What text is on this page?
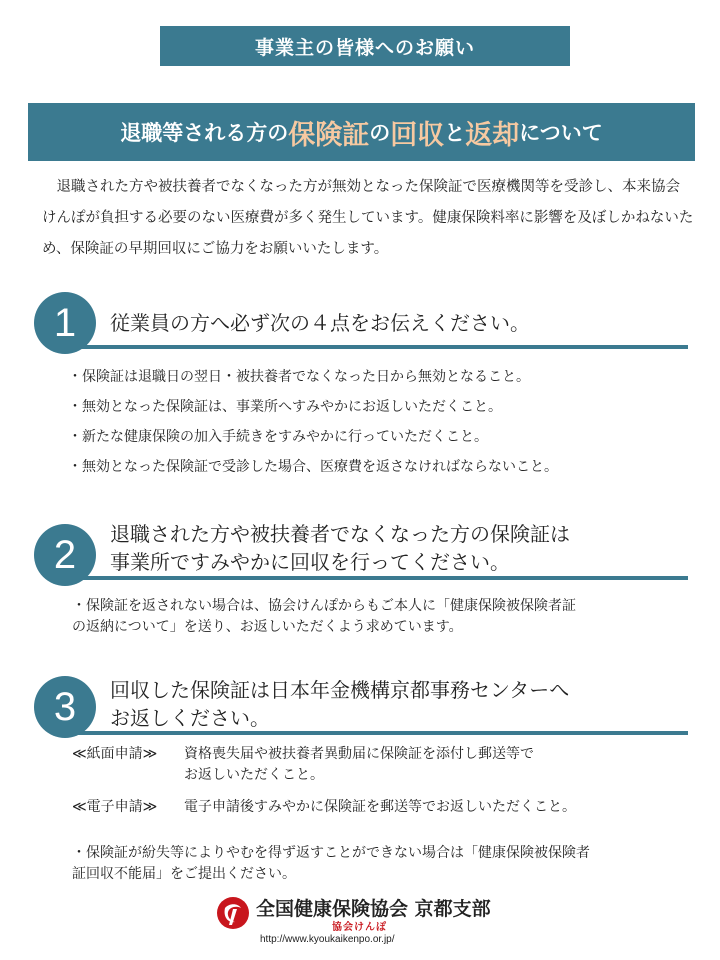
事業主の皆様へのお願い
退職等される方の 保険証 の 回収 と 返却 について

退職された方や被扶養者でなくなった方が無効となった保険証で医療機関等を受診し、本来協会けんぽが負担する必要のない医療費が多く発生しています。健康保険料率に影響を及ぼしかねないため、保険証の早期回収にご協力をお願いいたします。

1	従業員の方へ必ず次の４点をお伝えください。

・保険証は退職日の翌日・被扶養者でなくなった日から無効となること。
・無効となった保険証は、事業所へすみやかにお返しいただくこと。
・新たな健康保険の加入手続きをすみやかに行っていただくこと。
・無効となった保険証で受診した場合、医療費を返さなければならないこと。
2	退職された方や被扶養者でなくなった方の保険証は
事業所ですみやかに回収を行ってください。
・保険証を返されない場合は、協会けんぽからもご本人に「健康保険被保険者証
の返納について」を送り、お返しいただくよう求めています。
3	回収した保険証は日本年金機構京都事務センターへ
お返しください。
≪紙面申請≫	資格喪失届や被扶養者異動届に保険証を添付し郵送等で
お返しいただくこと。
≪電子申請≫	電子申請後すみやかに保険証を郵送等でお返しいただくこと。
・保険証が紛失等によりやむを得ず返すことができない場合は「健康保険被保険者
証回収不能届」をご提出ください。
全国健康保険協会 京都支部
協会けんぽ
http://www.kyoukaikenpo.or.jp/
